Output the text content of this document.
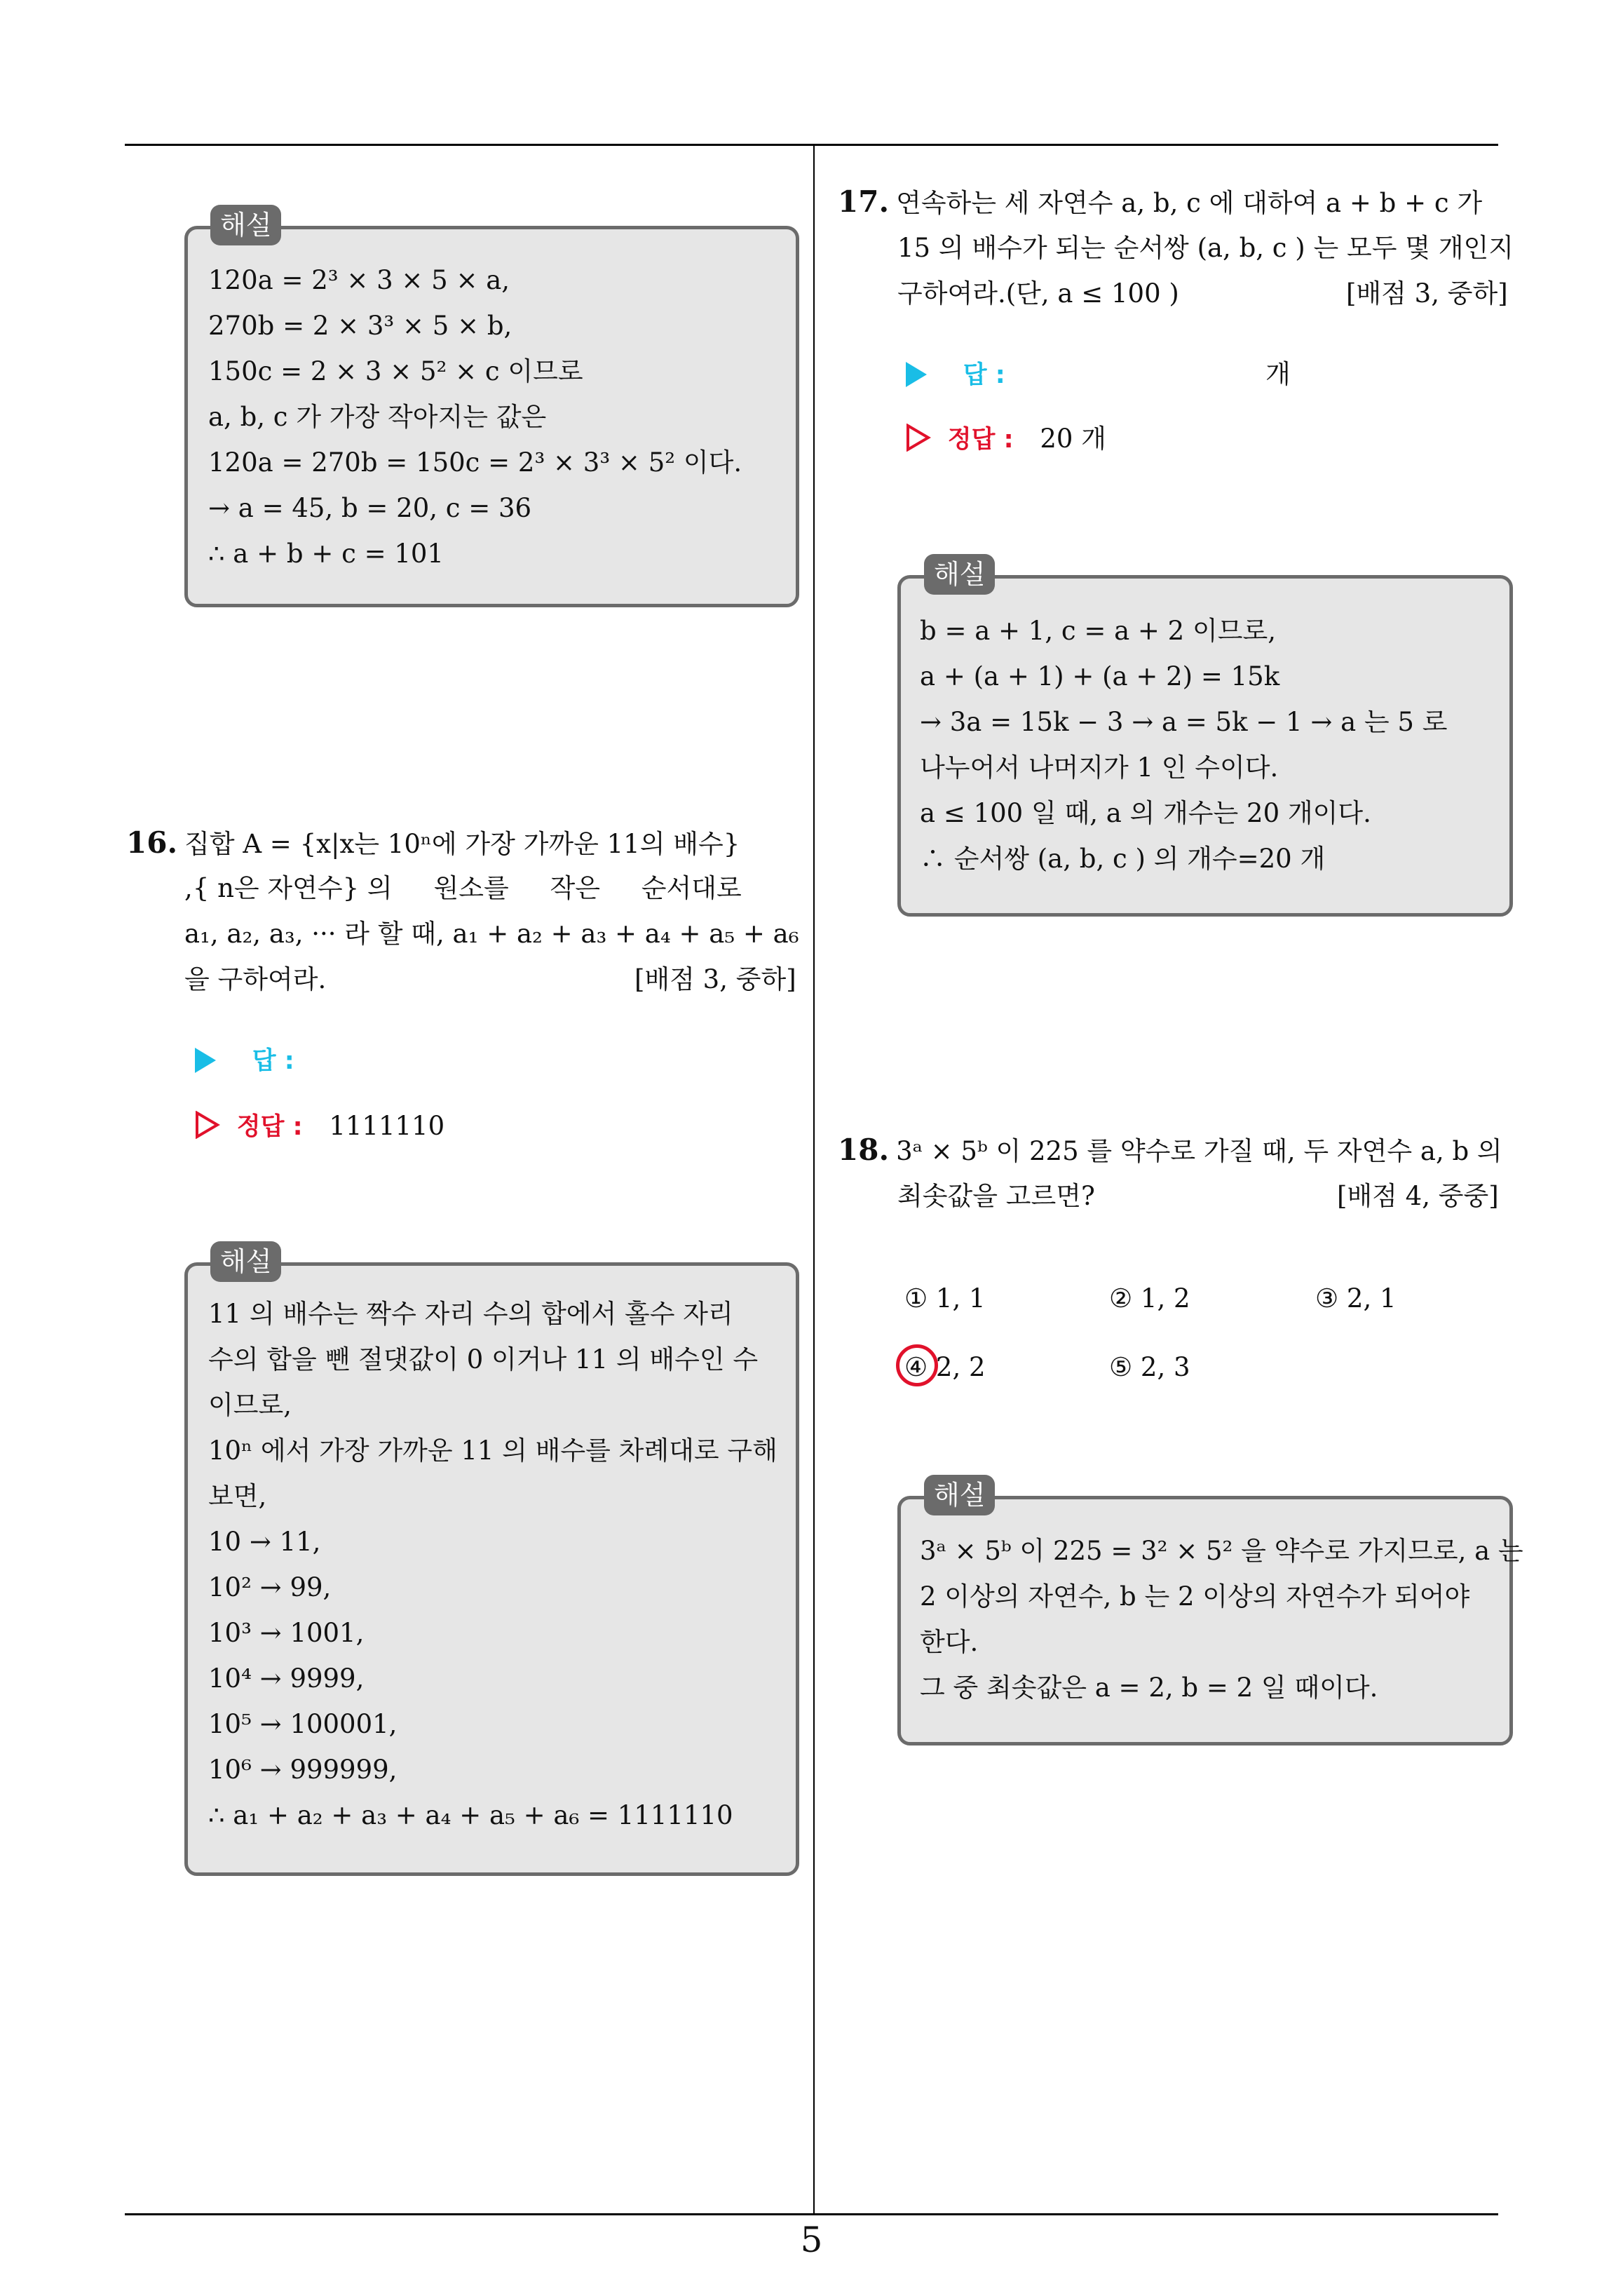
해설
120a = 2³ × 3 × 5 × a,
270b = 2 × 3³ × 5 × b,
150c = 2 × 3 × 5² × c 이므로
a, b, c 가 가장 작아지는 값은
120a = 270b = 150c = 2³ × 3³ × 5² 이다.
→ a = 45, b = 20, c = 36
∴ a + b + c = 101
16. 집합 A = {x|x는 10ⁿ에 가장 가까운 11의 배수}
,{ n은 자연수} 의     원소를     작은     순서대로
a₁, a₂, a₃, ··· 라 할 때, a₁ + a₂ + a₃ + a₄ + a₅ + a₆
을 구하여라.	[배점 3, 중하]
답 :
정답 : 1111110
해설
11 의 배수는 짝수 자리 수의 합에서 홀수 자리
수의 합을 뺀 절댓값이 0 이거나 11 의 배수인 수
이므로,
10ⁿ 에서 가장 가까운 11 의 배수를 차례대로 구해
보면,
10 → 11,
10² → 99,
10³ → 1001,
10⁴ → 9999,
10⁵ → 100001,
10⁶ → 999999,
∴ a₁ + a₂ + a₃ + a₄ + a₅ + a₆ = 1111110
17. 연속하는 세 자연수 a, b, c 에 대하여 a + b + c 가
15 의 배수가 되는 순서쌍 (a, b, c ) 는 모두 몇 개인지
구하여라.(단, a ≤ 100 )	[배점 3, 중하]
답 :	개
정답 : 20 개
해설
b = a + 1, c = a + 2 이므로,
a + (a + 1) + (a + 2) = 15k
→ 3a = 15k − 3 → a = 5k − 1 → a 는 5 로
나누어서 나머지가 1 인 수이다.
a ≤ 100 일 때, a 의 개수는 20 개이다.
∴ 순서쌍 (a, b, c ) 의 개수=20 개
18. 3ᵃ × 5ᵇ 이 225 를 약수로 가질 때, 두 자연수 a, b 의
최솟값을 고르면?	[배점 4, 중중]
① 1, 1	② 1, 2	③ 2, 1
④ 2, 2	⑤ 2, 3
해설
3ᵃ × 5ᵇ 이 225 = 3² × 5² 을 약수로 가지므로, a 는
2 이상의 자연수, b 는 2 이상의 자연수가 되어야
한다.
그 중 최솟값은 a = 2, b = 2 일 때이다.
5
